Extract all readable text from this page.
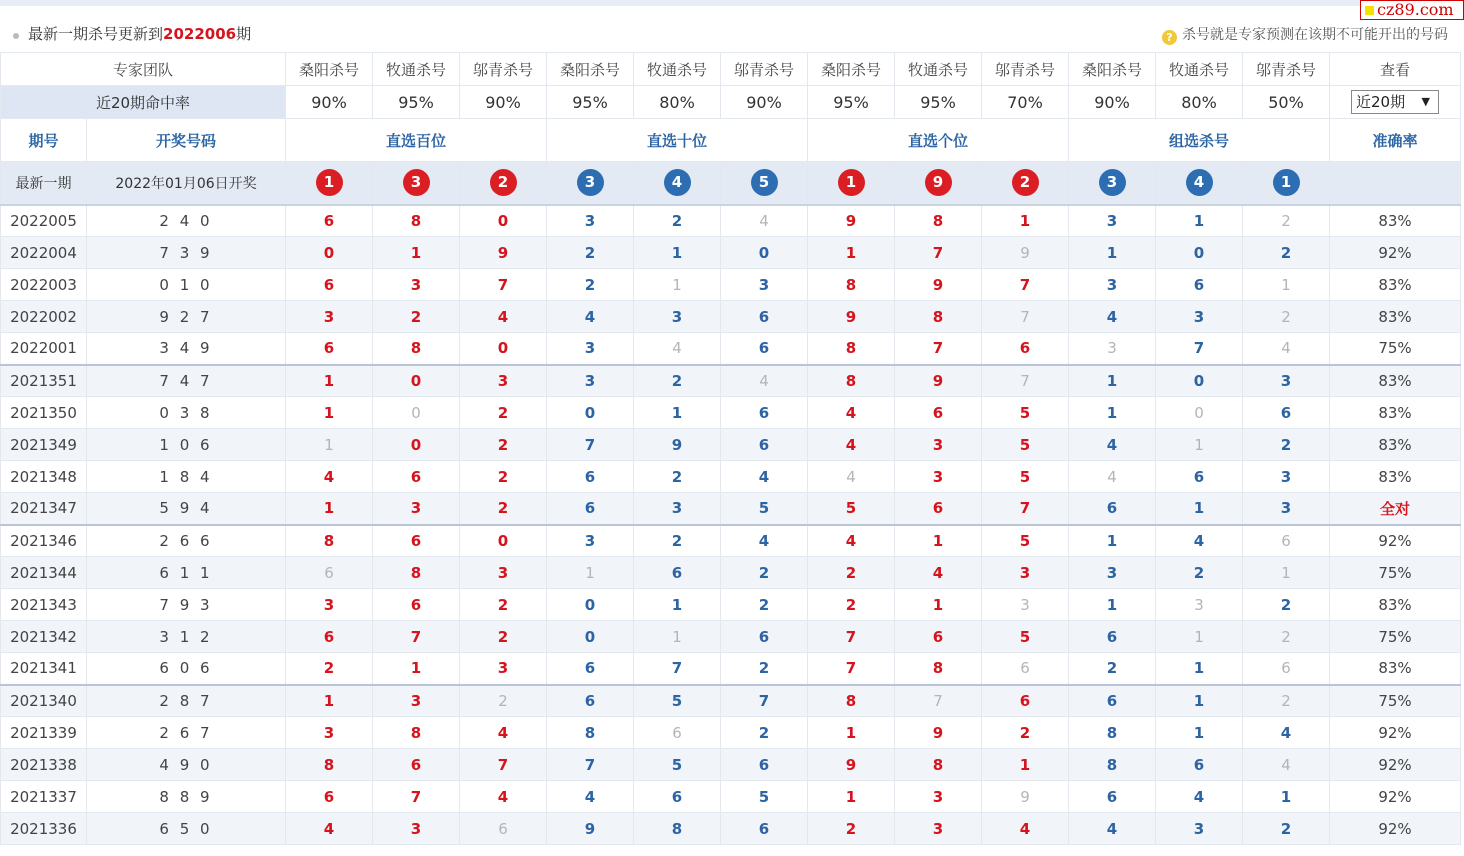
最新一期杀号更新到2022006期	? 杀号就是专家预测在该期不可能开出的号码
cz89.com
专家团队		桑阳杀号	牧通杀号	邬青杀号	桑阳杀号	牧通杀号	邬青杀号	桑阳杀号	牧通杀号	邬青杀号	桑阳杀号	牧通杀号	邬青杀号	查看
近20期命中率		90%	95%	90%	95%	80%	90%	95%	95%	70%	90%	80%	50%	近20期 ▼

期号	开奖号码	直选百位			直选十位			直选个位			组选杀号			准确率
最新一期	2022年01月06日开奖	1	3	2	3	4	5	1	9	2	3	4	1	
2022005	2 4 0	6	8	0	3	2	4	9	8	1	3	1	2	83%
2022004	7 3 9	0	1	9	2	1	0	1	7	9	1	0	2	92%
2022003	0 1 0	6	3	7	2	1	3	8	9	7	3	6	1	83%
2022002	9 2 7	3	2	4	4	3	6	9	8	7	4	3	2	83%
2022001	3 4 9	6	8	0	3	4	6	8	7	6	3	7	4	75%
2021351	7 4 7	1	0	3	3	2	4	8	9	7	1	0	3	83%
2021350	0 3 8	1	0	2	0	1	6	4	6	5	1	0	6	83%
2021349	1 0 6	1	0	2	7	9	6	4	3	5	4	1	2	83%
2021348	1 8 4	4	6	2	6	2	4	4	3	5	4	6	3	83%
2021347	5 9 4	1	3	2	6	3	5	5	6	7	6	1	3	全对
2021346	2 6 6	8	6	0	3	2	4	4	1	5	1	4	6	92%
2021344	6 1 1	6	8	3	1	6	2	2	4	3	3	2	1	75%
2021343	7 9 3	3	6	2	0	1	2	2	1	3	1	3	2	83%
2021342	3 1 2	6	7	2	0	1	6	7	6	5	6	1	2	75%
2021341	6 0 6	2	1	3	6	7	2	7	8	6	2	1	6	83%
2021340	2 8 7	1	3	2	6	5	7	8	7	6	6	1	2	75%
2021339	2 6 7	3	8	4	8	6	2	1	9	2	8	1	4	92%
2021338	4 9 0	8	6	7	7	5	6	9	8	1	8	6	4	92%
2021337	8 8 9	6	7	4	4	6	5	1	3	9	6	4	1	92%
2021336	6 5 0	4	3	6	9	8	6	2	3	4	4	3	2	92%
